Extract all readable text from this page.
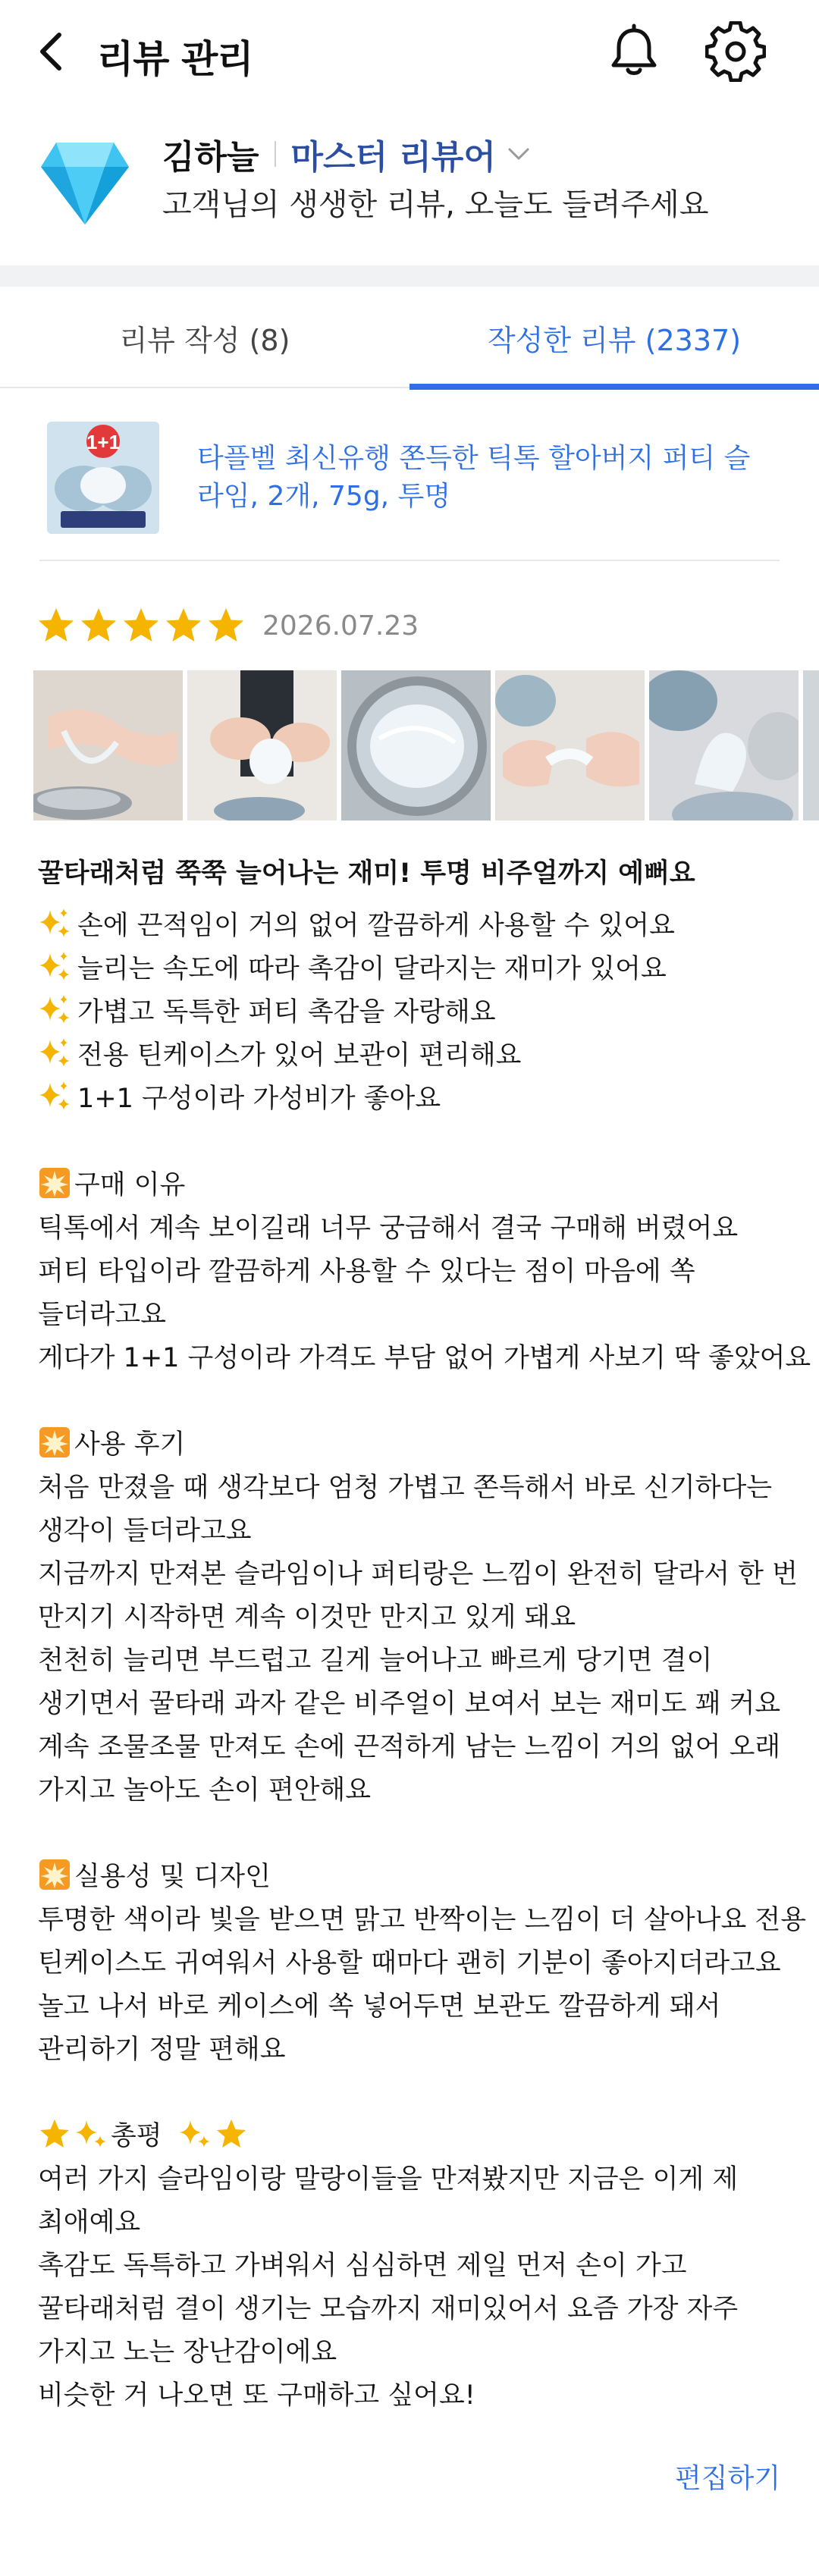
리뷰 관리
김하늘 마스터 리뷰어
고객님의 생생한 리뷰, 오늘도 들려주세요
리뷰 작성 (8)	작성한 리뷰 (2337)
1+1
타플벨 최신유행 쫀득한 틱톡 할아버지 퍼티 슬라임, 2개, 75g, 투명
2026.07.23
꿀타래처럼 쭉쭉 늘어나는 재미! 투명 비주얼까지 예뻐요
손에 끈적임이 거의 없어 깔끔하게 사용할 수 있어요
늘리는 속도에 따라 촉감이 달라지는 재미가 있어요
가볍고 독특한 퍼티 촉감을 자랑해요
전용 틴케이스가 있어 보관이 편리해요
1+1 구성이라 가성비가 좋아요
구매 이유
틱톡에서 계속 보이길래 너무 궁금해서 결국 구매해 버렸어요
퍼티 타입이라 깔끔하게 사용할 수 있다는 점이 마음에 쏙
들더라고요
게다가 1+1 구성이라 가격도 부담 없어 가볍게 사보기 딱 좋았어요
사용 후기
처음 만졌을 때 생각보다 엄청 가볍고 쫀득해서 바로 신기하다는
생각이 들더라고요
지금까지 만져본 슬라임이나 퍼티랑은 느낌이 완전히 달라서 한 번
만지기 시작하면 계속 이것만 만지고 있게 돼요
천천히 늘리면 부드럽고 길게 늘어나고 빠르게 당기면 결이
생기면서 꿀타래 과자 같은 비주얼이 보여서 보는 재미도 꽤 커요
계속 조물조물 만져도 손에 끈적하게 남는 느낌이 거의 없어 오래
가지고 놀아도 손이 편안해요
실용성 및 디자인
투명한 색이라 빛을 받으면 맑고 반짝이는 느낌이 더 살아나요 전용
틴케이스도 귀여워서 사용할 때마다 괜히 기분이 좋아지더라고요
놀고 나서 바로 케이스에 쏙 넣어두면 보관도 깔끔하게 돼서
관리하기 정말 편해요
총평
여러 가지 슬라임이랑 말랑이들을 만져봤지만 지금은 이게 제
최애예요
촉감도 독특하고 가벼워서 심심하면 제일 먼저 손이 가고
꿀타래처럼 결이 생기는 모습까지 재미있어서 요즘 가장 자주
가지고 노는 장난감이에요
비슷한 거 나오면 또 구매하고 싶어요!
편집하기
